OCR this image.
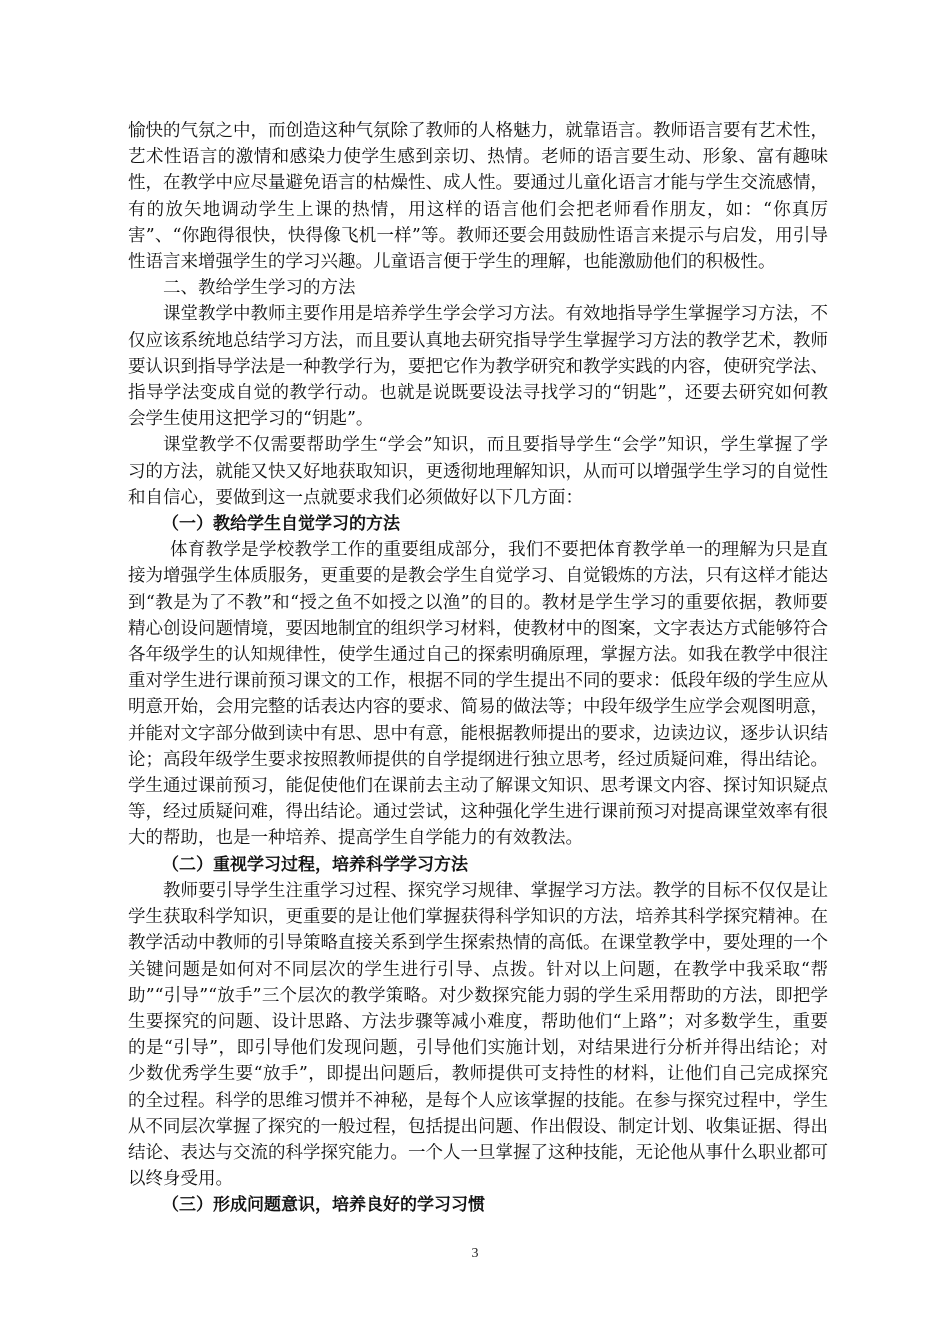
愉快的气氛之中，而创造这种气氛除了教师的人格魅力，就靠语言。教师语言要有艺术性，艺术性语言的激情和感染力使学生感到亲切、热情。老师的语言要生动、形象、富有趣味性，在教学中应尽量避免语言的枯燥性、成人性。要通过儿童化语言才能与学生交流感情，有的放矢地调动学生上课的热情，用这样的语言他们会把老师看作朋友，如：“你真厉害”、“你跑得很快，快得像飞机一样”等。教师还要会用鼓励性语言来提示与启发，用引导性语言来增强学生的学习兴趣。儿童语言便于学生的理解，也能激励他们的积极性。

二、教给学生学习的方法

课堂教学中教师主要作用是培养学生学会学习方法。有效地指导学生掌握学习方法，不仅应该系统地总结学习方法，而且要认真地去研究指导学生掌握学习方法的教学艺术，教师要认识到指导学法是一种教学行为，要把它作为教学研究和教学实践的内容，使研究学法、指导学法变成自觉的教学行动。也就是说既要设法寻找学习的“钥匙”，还要去研究如何教会学生使用这把学习的“钥匙”。

课堂教学不仅需要帮助学生“学会”知识，而且要指导学生“会学”知识，学生掌握了学习的方法，就能又快又好地获取知识，更透彻地理解知识，从而可以增强学生学习的自觉性和自信心，要做到这一点就要求我们必须做好以下几方面：

（一）教给学生自觉学习的方法

体育教学是学校教学工作的重要组成部分，我们不要把体育教学单一的理解为只是直接为增强学生体质服务，更重要的是教会学生自觉学习、自觉锻炼的方法，只有这样才能达到“教是为了不教”和“授之鱼不如授之以渔”的目的。教材是学生学习的重要依据，教师要精心创设问题情境，要因地制宜的组织学习材料，使教材中的图案，文字表达方式能够符合各年级学生的认知规律性，使学生通过自己的探索明确原理，掌握方法。如我在教学中很注重对学生进行课前预习课文的工作，根据不同的学生提出不同的要求：低段年级的学生应从明意开始，会用完整的话表达内容的要求、简易的做法等；中段年级学生应学会观图明意，并能对文字部分做到读中有思、思中有意，能根据教师提出的要求，边读边议，逐步认识结论；高段年级学生要求按照教师提供的自学提纲进行独立思考，经过质疑问难，得出结论。学生通过课前预习，能促使他们在课前去主动了解课文知识、思考课文内容、探讨知识疑点等，经过质疑问难，得出结论。通过尝试，这种强化学生进行课前预习对提高课堂效率有很大的帮助，也是一种培养、提高学生自学能力的有效教法。

（二）重视学习过程，培养科学学习方法

教师要引导学生注重学习过程、探究学习规律、掌握学习方法。教学的目标不仅仅是让学生获取科学知识，更重要的是让他们掌握获得科学知识的方法，培养其科学探究精神。在教学活动中教师的引导策略直接关系到学生探索热情的高低。在课堂教学中，要处理的一个关键问题是如何对不同层次的学生进行引导、点拨。针对以上问题，在教学中我采取“帮助”“引导”“放手”三个层次的教学策略。对少数探究能力弱的学生采用帮助的方法，即把学生要探究的问题、设计思路、方法步骤等减小难度，帮助他们“上路”；对多数学生，重要的是“引导”，即引导他们发现问题，引导他们实施计划，对结果进行分析并得出结论；对少数优秀学生要“放手”，即提出问题后，教师提供可支持性的材料，让他们自己完成探究的全过程。科学的思维习惯并不神秘，是每个人应该掌握的技能。在参与探究过程中，学生从不同层次掌握了探究的一般过程，包括提出问题、作出假设、制定计划、收集证据、得出结论、表达与交流的科学探究能力。一个人一旦掌握了这种技能，无论他从事什么职业都可以终身受用。

（三）形成问题意识，培养良好的学习习惯

3
